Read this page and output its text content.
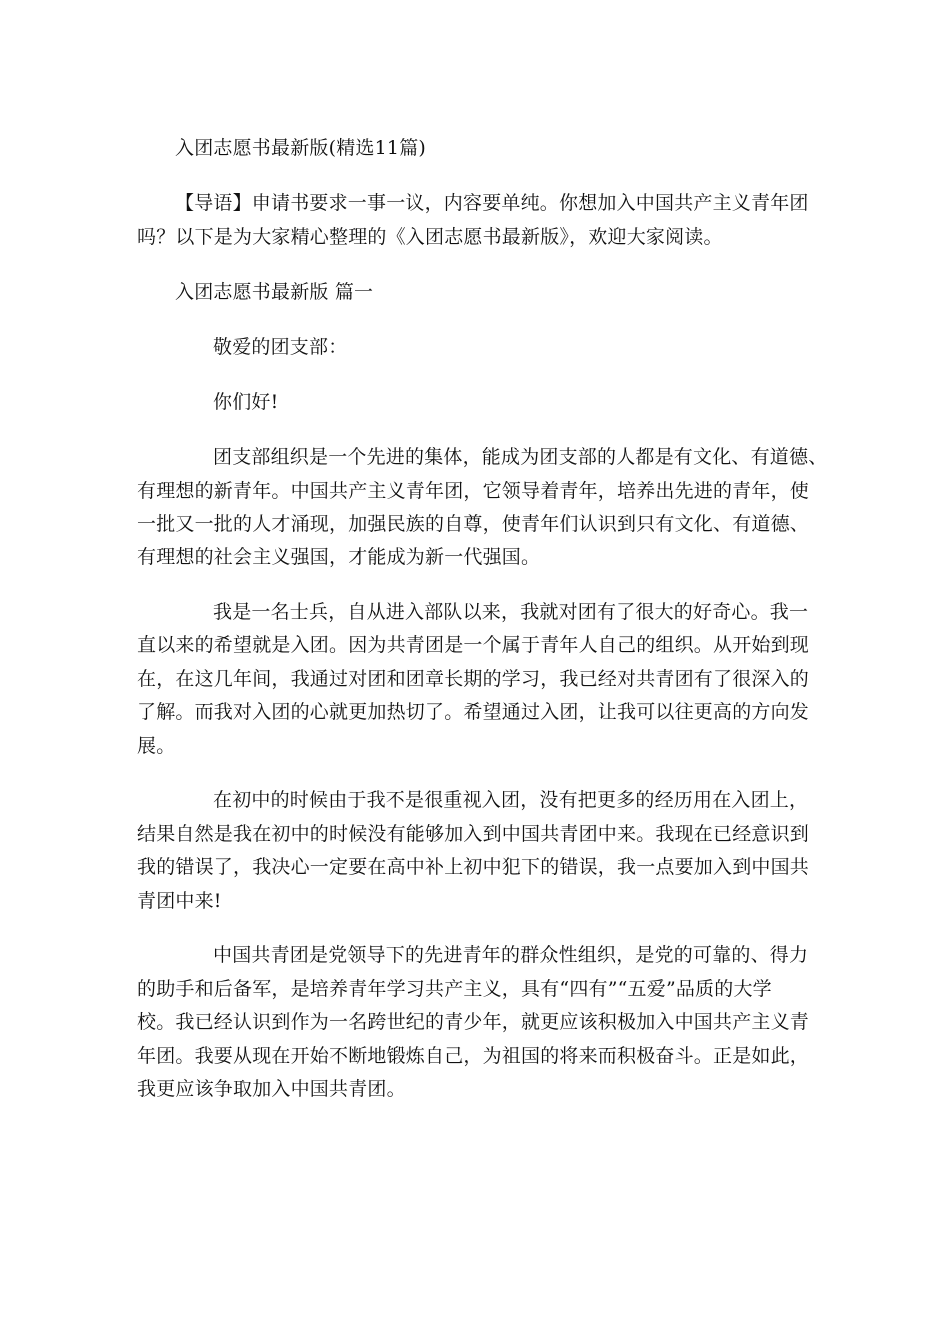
入团志愿书最新版(精选11篇)
【导语】申请书要求一事一议，内容要单纯。你想加入中国共产主义青年团
吗？以下是为大家精心整理的《入团志愿书最新版》，欢迎大家阅读。
入团志愿书最新版 篇一
敬爱的团支部：
你们好!
团支部组织是一个先进的集体，能成为团支部的人都是有文化、有道德、
有理想的新青年。中国共产主义青年团，它领导着青年，培养出先进的青年，使
一批又一批的人才涌现，加强民族的自尊，使青年们认识到只有文化、有道德、
有理想的社会主义强国，才能成为新一代强国。
我是一名士兵，自从进入部队以来，我就对团有了很大的好奇心。我一
直以来的希望就是入团。因为共青团是一个属于青年人自己的组织。从开始到现
在，在这几年间，我通过对团和团章长期的学习，我已经对共青团有了很深入的
了解。而我对入团的心就更加热切了。希望通过入团，让我可以往更高的方向发
展。
在初中的时候由于我不是很重视入团，没有把更多的经历用在入团上，
结果自然是我在初中的时候没有能够加入到中国共青团中来。我现在已经意识到
我的错误了，我决心一定要在高中补上初中犯下的错误，我一点要加入到中国共
青团中来!
中国共青团是党领导下的先进青年的群众性组织，是党的可靠的、得力
的助手和后备军，是培养青年学习共产主义，具有“四有”“五爱”品质的大学
校。我已经认识到作为一名跨世纪的青少年，就更应该积极加入中国共产主义青
年团。我要从现在开始不断地锻炼自己，为祖国的将来而积极奋斗。正是如此，
我更应该争取加入中国共青团。
